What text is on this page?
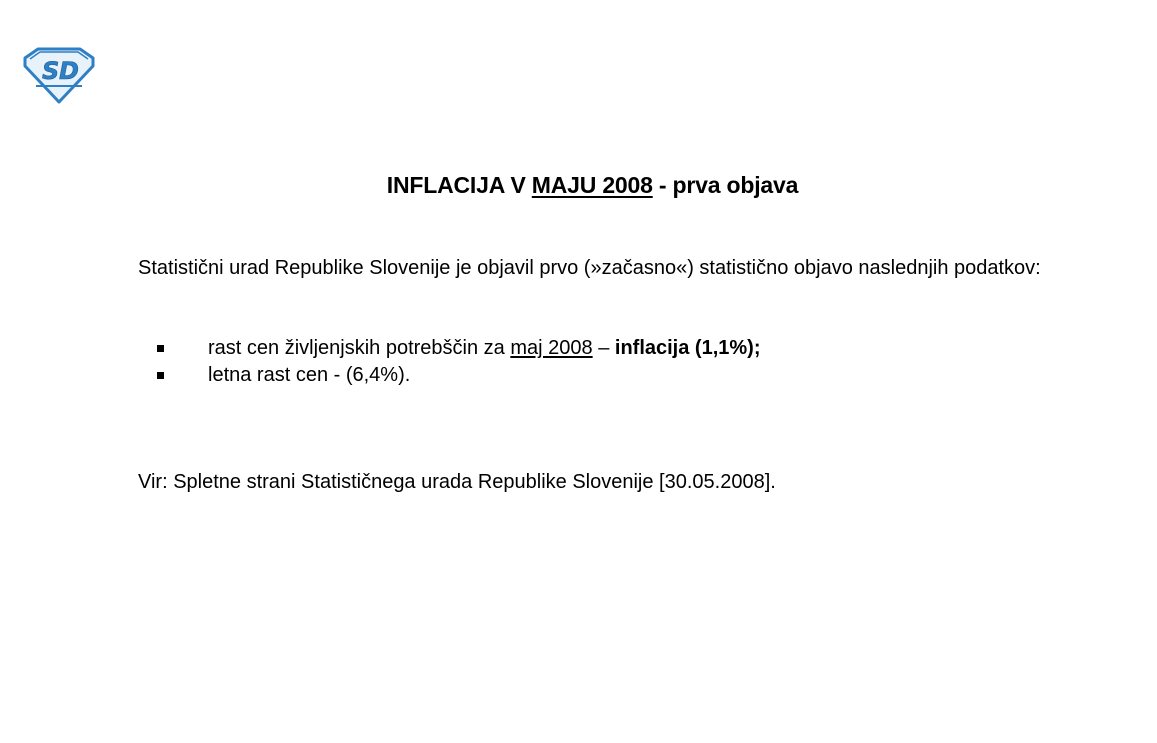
S D
INFLACIJA V MAJU 2008 - prva objava
Statistični urad Republike Slovenije je objavil prvo (»začasno«) statistično objavo naslednjih podatkov:
rast cen življenjskih potrebščin za maj 2008 – inflacija (1,1%);
letna rast cen - (6,4%).
Vir: Spletne strani Statističnega urada Republike Slovenije [30.05.2008].
